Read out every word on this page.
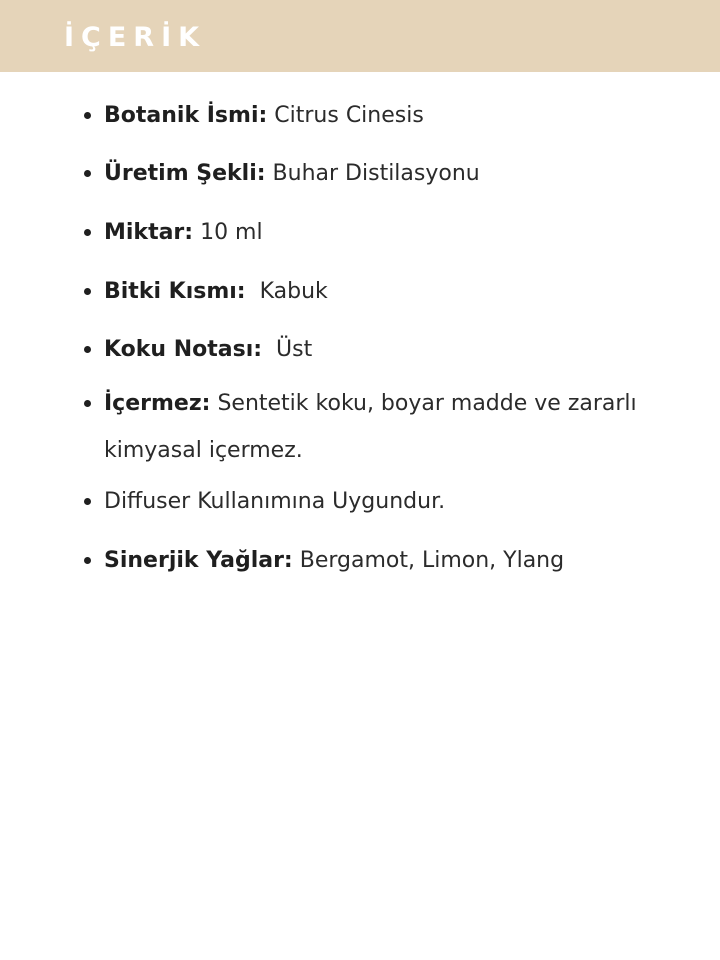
İÇERİK
Botanik İsmi: Citrus Cinesis
Üretim Şekli: Buhar Distilasyonu
Miktar: 10 ml
Bitki Kısmı:  Kabuk
Koku Notası:  Üst
İçermez: Sentetik koku, boyar madde ve zararlı kimyasal içermez.
Diffuser Kullanımına Uygundur.
Sinerjik Yağlar: Bergamot, Limon, Ylang
